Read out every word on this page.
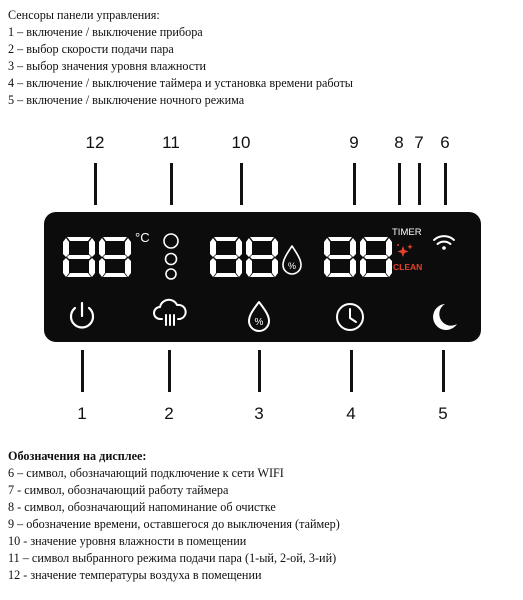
Сенсоры панели управления:
1 – включение / выключение прибора
2 – выбор скорости подачи пара
3 – выбор значения уровня влажности
4 – включение / выключение таймера и установка времени работы
5 – включение / выключение ночного режима
12	11	10	9 8 7 6
%
%
°C	TIMER
CLEAN
1	2	3	4	5
Обозначения на дисплее:
6 – символ, обозначающий подключение к сети WIFI
7 - символ, обозначающий работу таймера
8 - символ, обозначающий напоминание об очистке
9 – обозначение времени, оставшегося до выключения (таймер)
10 - значение уровня влажности в помещении
11 – символ выбранного режима подачи пара (1-ый, 2-ой, 3-ий)
12 - значение температуры воздуха в помещении
